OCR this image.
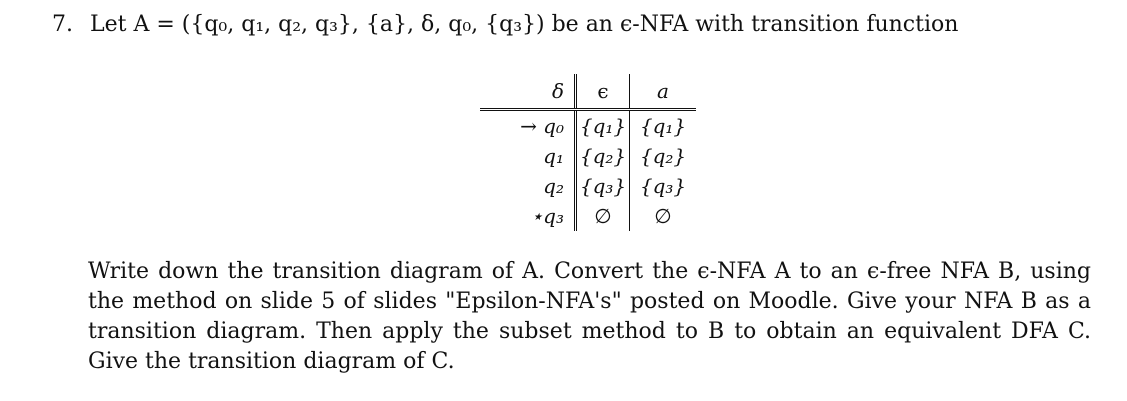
7. Let A = ({q₀, q₁, q₂, q₃}, {a}, δ, q₀, {q₃}) be an ϵ-NFA with transition function
δ	ϵ	a
→ q₀	{q₁}	{q₁}
q₁	{q₂}	{q₂}
q₂	{q₃}	{q₃}
⋆q₃	∅	∅
Write down the transition diagram of A. Convert the ϵ-NFA A to an ϵ-free NFA B, using the method on slide 5 of slides "Epsilon-NFA's" posted on Moodle. Give your NFA B as a transition diagram. Then apply the subset method to B to obtain an equivalent DFA C. Give the transition diagram of C.
